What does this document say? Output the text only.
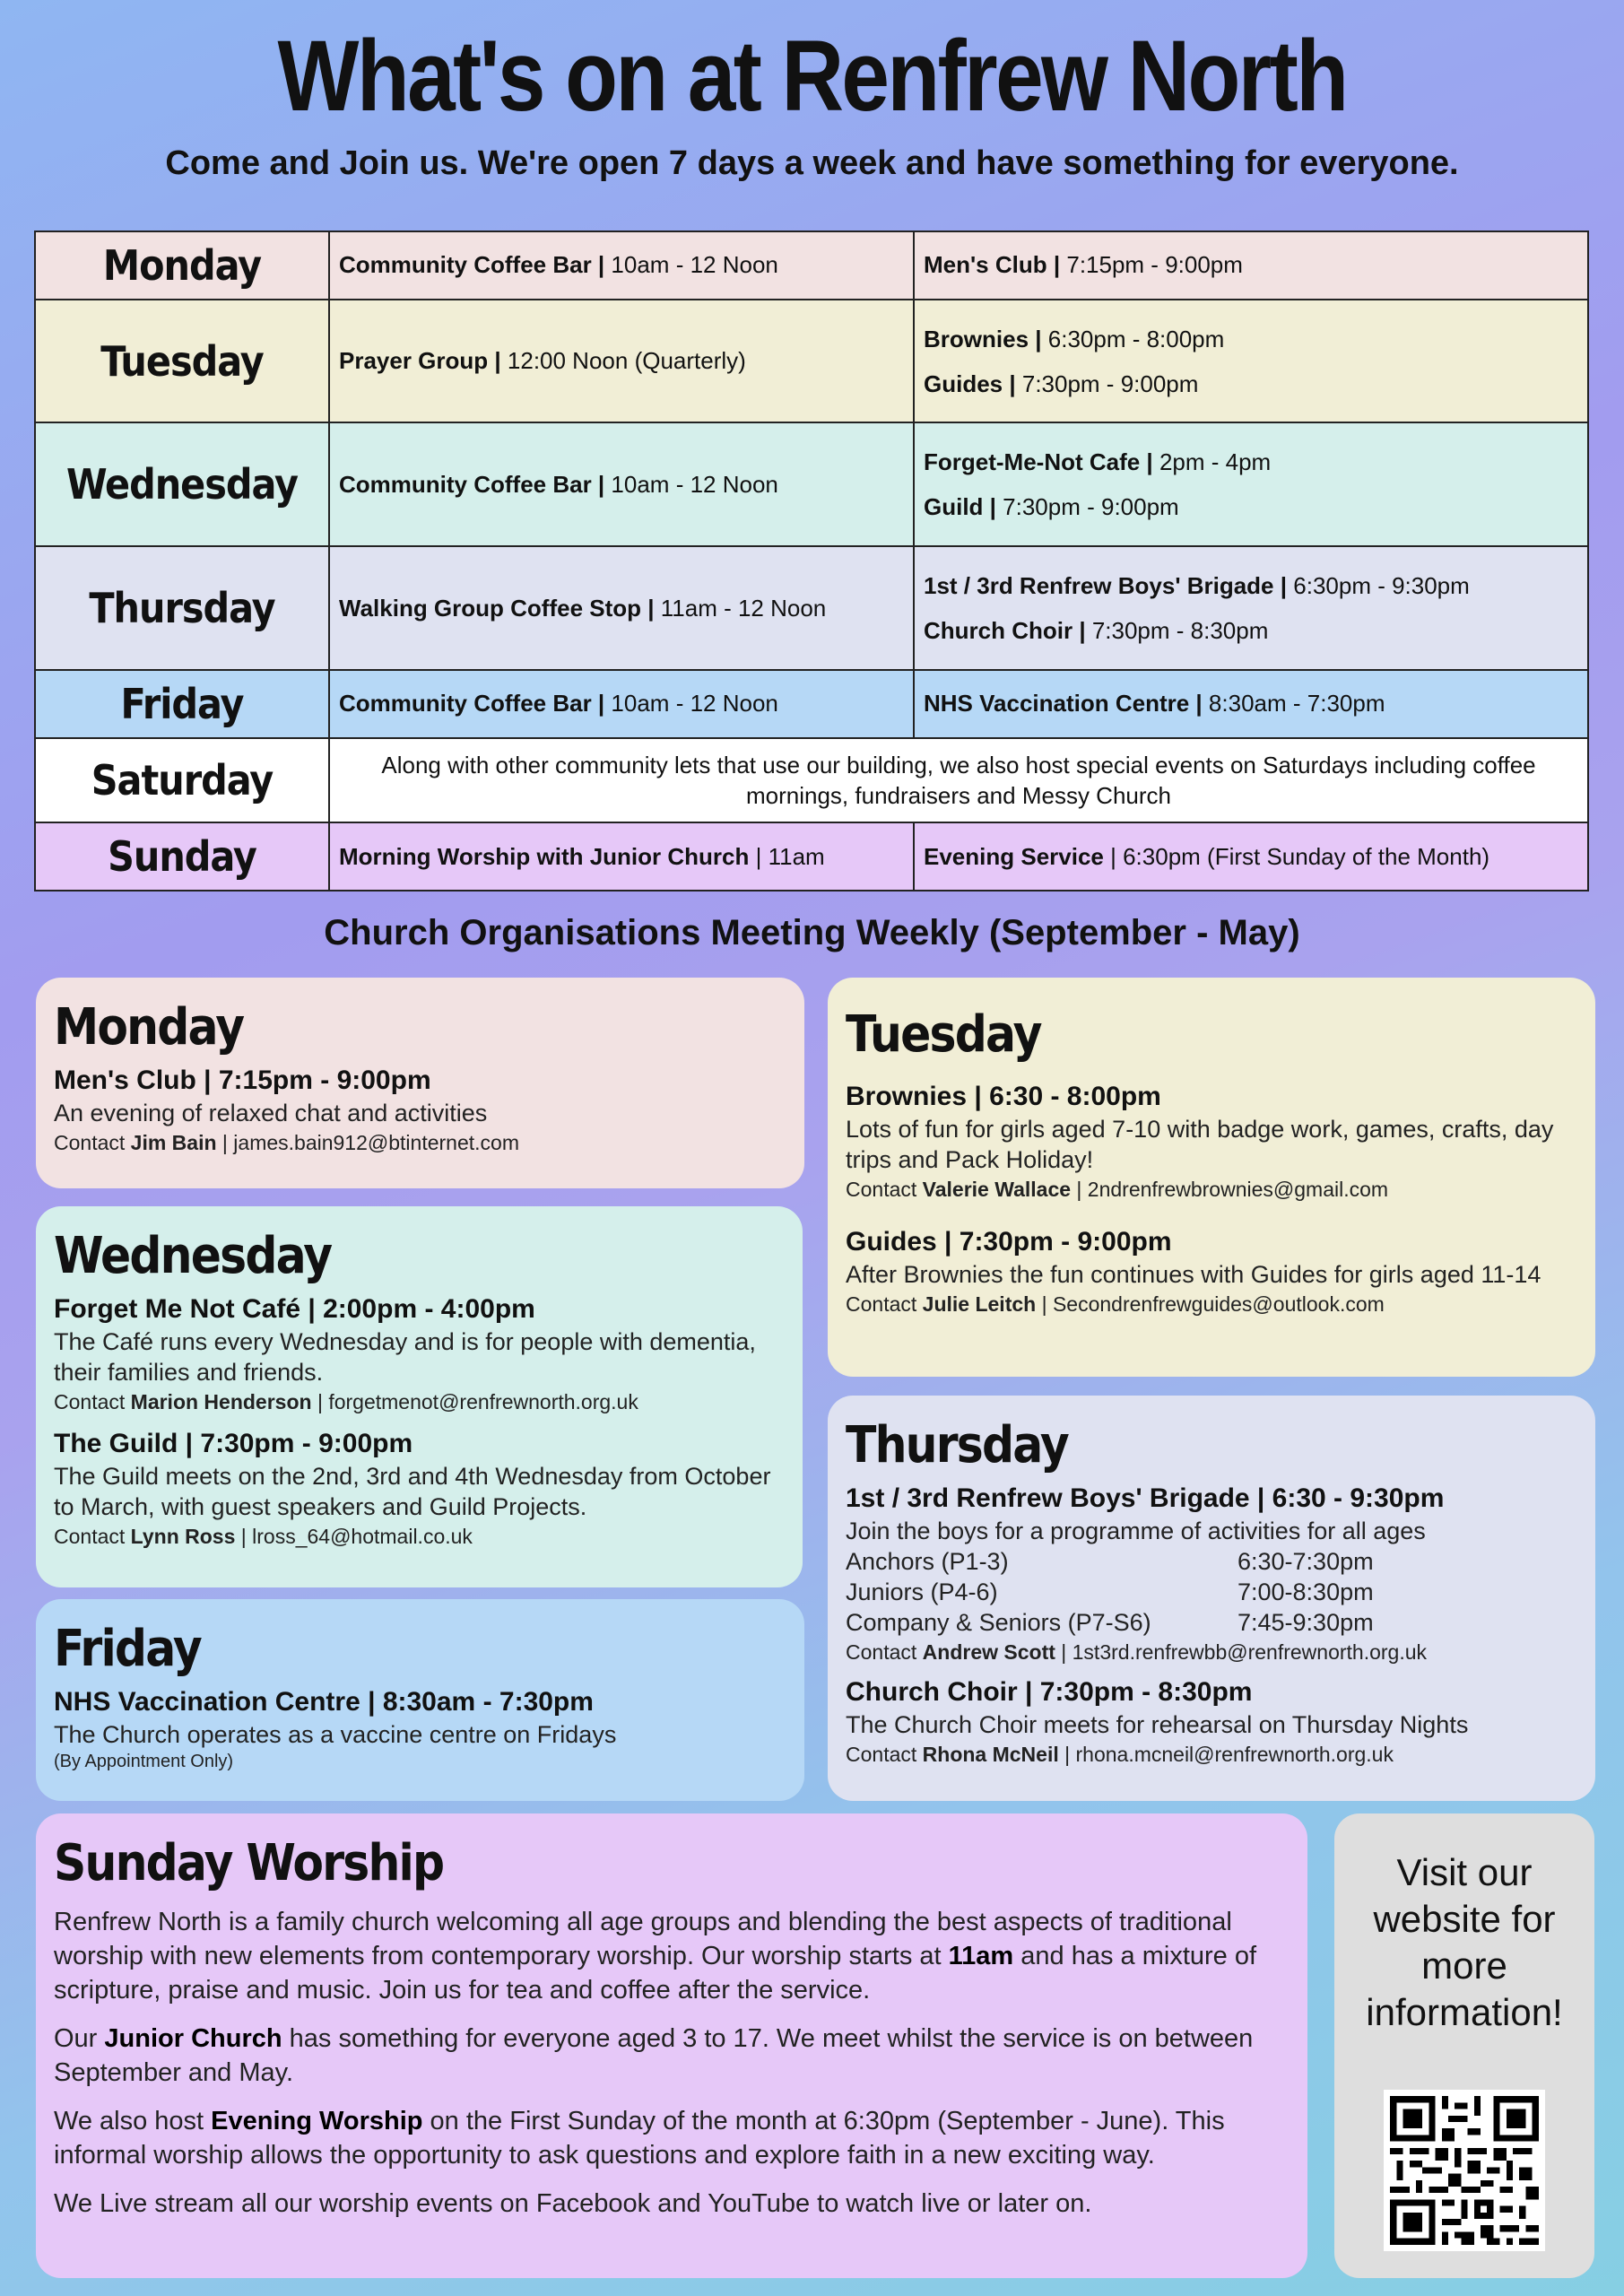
What's on at Renfrew North
Come and Join us. We're open 7 days a week and have something for everyone.
Monday	Community Coffee Bar | 10am - 12 Noon	Men's Club | 7:15pm - 9:00pm
Tuesday	Prayer Group | 12:00 Noon (Quarterly)	Brownies | 6:30pm - 8:00pm
Guides | 7:30pm - 9:00pm

Wednesday	Community Coffee Bar | 10am - 12 Noon	Forget-Me-Not Cafe | 2pm - 4pm
Guild | 7:30pm - 9:00pm

Thursday	Walking Group Coffee Stop | 11am - 12 Noon	1st / 3rd Renfrew Boys' Brigade | 6:30pm - 9:30pm
Church Choir | 7:30pm - 8:30pm

Friday	Community Coffee Bar | 10am - 12 Noon	NHS Vaccination Centre | 8:30am - 7:30pm
Saturday	Along with other community lets that use our building, we also host special events on Saturdays including coffee mornings, fundraisers and Messy Church	
Sunday	Morning Worship with Junior Church | 11am	Evening Service | 6:30pm (First Sunday of the Month)
Church Organisations Meeting Weekly (September - May)
Monday
Men's Club | 7:15pm - 9:00pm
An evening of relaxed chat and activities
Contact Jim Bain | james.bain912@btinternet.com
Wednesday
Forget Me Not Café | 2:00pm - 4:00pm
The Café runs every Wednesday and is for people with dementia, their families and friends.
Contact Marion Henderson | forgetmenot@renfrewnorth.org.uk
The Guild | 7:30pm - 9:00pm
The Guild meets on the 2nd, 3rd and 4th Wednesday from October to March, with guest speakers and Guild Projects.
Contact Lynn Ross | lross_64@hotmail.co.uk
Friday
NHS Vaccination Centre | 8:30am - 7:30pm
The Church operates as a vaccine centre on Fridays
(By Appointment Only)
Tuesday
Brownies | 6:30 - 8:00pm
Lots of fun for girls aged 7-10 with badge work, games, crafts, day trips and Pack Holiday!
Contact Valerie Wallace | 2ndrenfrewbrownies@gmail.com
Guides | 7:30pm - 9:00pm
After Brownies the fun continues with Guides for girls aged 11-14
Contact Julie Leitch | Secondrenfrewguides@outlook.com
Thursday
1st / 3rd Renfrew Boys' Brigade | 6:30 - 9:30pm
Join the boys for a programme of activities for all ages
Anchors (P1-3)	6:30-7:30pm
Juniors (P4-6)	7:00-8:30pm
Company & Seniors (P7-S6)	7:45-9:30pm
Contact Andrew Scott | 1st3rd.renfrewbb@renfrewnorth.org.uk
Church Choir | 7:30pm - 8:30pm
The Church Choir meets for rehearsal on Thursday Nights
Contact Rhona McNeil | rhona.mcneil@renfrewnorth.org.uk
Sunday Worship

Renfrew North is a family church welcoming all age groups and blending the best aspects of traditional worship with new elements from contemporary worship. Our worship starts at 11am and has a mixture of scripture, praise and music. Join us for tea and coffee after the service.

Our Junior Church has something for everyone aged 3 to 17. We meet whilst the service is on between September and May.

We also host Evening Worship on the First Sunday of the month at 6:30pm (September - June). This informal worship allows the opportunity to ask questions and explore faith in a new exciting way.

We Live stream all our worship events on Facebook and YouTube to watch live or later on.

Visit our website for more information!
